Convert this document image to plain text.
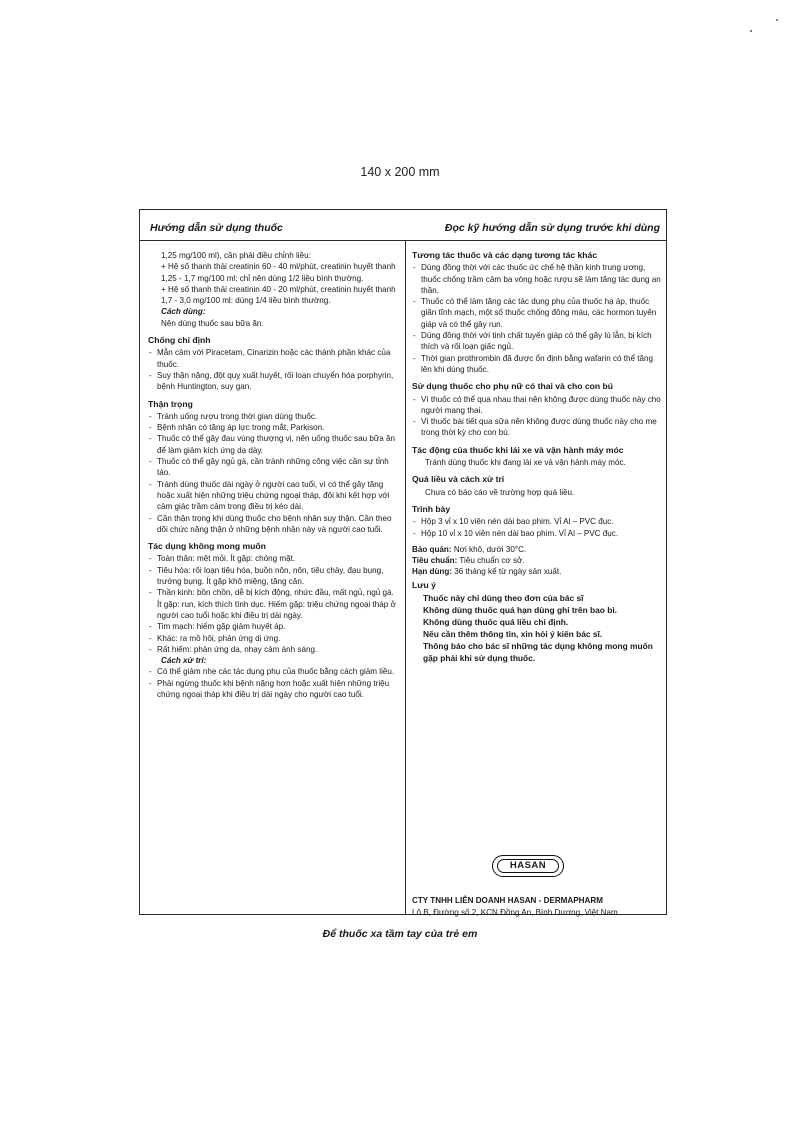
140 x 200 mm
Hướng dẫn sử dụng thuốc	Đọc kỹ hướng dẫn sử dụng trước khi dùng

1,25 mg/100 ml), cần phải điều chỉnh liều:

+ Hệ số thanh thải creatinin 60 - 40 ml/phút, creatinin huyết thanh 1,25 - 1,7 mg/100 ml: chỉ nên dùng 1/2 liều bình thường.

+ Hệ số thanh thải creatinin 40 - 20 ml/phút, creatinin huyết thanh 1,7 - 3,0 mg/100 ml: dùng 1/4 liều bình thường.

Cách dùng:

Nên dùng thuốc sau bữa ăn.

Chống chỉ định
- Mẫn cảm với Piracetam, Cinarizin hoặc các thành phần khác của thuốc.
- Suy thận nặng, đột quỵ xuất huyết, rối loạn chuyển hóa porphyrin, bệnh Huntington, suy gan.
Thận trọng
- Tránh uống rượu trong thời gian dùng thuốc.
- Bệnh nhân có tăng áp lực trong mắt, Parkison.
- Thuốc có thể gây đau vùng thượng vị, nên uống thuốc sau bữa ăn để làm giảm kích ứng dạ dày.
- Thuốc có thể gây ngủ gà, cần tránh những công việc cần sự tỉnh táo.
- Tránh dùng thuốc dài ngày ở người cao tuổi, vì có thể gây tăng hoặc xuất hiện những triệu chứng ngoại tháp, đôi khi kết hợp với cảm giác trầm cảm trong điều trị kéo dài.
- Cần thận trọng khi dùng thuốc cho bệnh nhân suy thận. Cần theo dõi chức năng thận ở những bệnh nhân này và người cao tuổi.
Tác dụng không mong muốn
- Toàn thân: mệt mỏi. Ít gặp: chóng mặt.
- Tiêu hóa: rối loạn tiêu hóa, buồn nôn, nôn, tiêu chảy, đau bụng, trướng bụng. Ít gặp khô miệng, tăng cân.
- Thần kinh: bồn chồn, dễ bị kích động, nhức đầu, mất ngủ, ngủ gà. Ít gặp: run, kích thích tình dục. Hiếm gặp: triệu chứng ngoại tháp ở người cao tuổi hoặc khi điều trị dài ngày.
- Tim mạch: hiếm gặp giảm huyết áp.
- Khác: ra mồ hôi, phản ứng dị ứng.
- Rất hiếm: phản ứng da, nhạy cảm ánh sáng.

Cách xử trí:

- Có thể giảm nhẹ các tác dụng phụ của thuốc bằng cách giảm liều.
- Phải ngừng thuốc khi bệnh nặng hơn hoặc xuất hiện những triệu chứng ngoại tháp khi điều trị dài ngày cho người cao tuổi.
Tương tác thuốc và các dạng tương tác khác
- Dùng đồng thời với các thuốc ức chế hệ thần kinh trung ương, thuốc chống trầm cảm ba vòng hoặc rượu sẽ làm tăng tác dụng an thần.
- Thuốc có thể làm tăng các tác dụng phụ của thuốc hạ áp, thuốc giãn tĩnh mạch, một số thuốc chống đông máu, các hormon tuyến giáp và có thể gây run.
- Dùng đồng thời với tinh chất tuyến giáp có thể gây lú lẫn, bị kích thích và rối loạn giấc ngủ.
- Thời gian prothrombin đã được ổn định bằng wafarin có thể tăng lên khi dùng thuốc.
Sử dụng thuốc cho phụ nữ có thai và cho con bú
- Vì thuốc có thể qua nhau thai nên không được dùng thuốc này cho người mang thai.
- Vì thuốc bài tiết qua sữa nên không được dùng thuốc này cho mẹ trong thời kỳ cho con bú.
Tác động của thuốc khi lái xe và vận hành máy móc

Tránh dùng thuốc khi đang lái xe và vận hành máy móc.

Quá liều và cách xử trí

Chưa có báo cáo về trường hợp quá liều.

Trình bày
- Hộp 3 vỉ x 10 viên nén dài bao phim. Vỉ Al – PVC đục.
- Hộp 10 vỉ x 10 viên nén dài bao phim. Vỉ Al – PVC đục.

Bảo quản: Nơi khô, dưới 30°C.

Tiêu chuẩn: Tiêu chuẩn cơ sở.

Hạn dùng: 36 tháng kể từ ngày sản xuất.

Lưu ý
Thuốc này chỉ dùng theo đơn của bác sĩ
Không dùng thuốc quá hạn dùng ghi trên bao bì.
Không dùng thuốc quá liều chỉ định.
Nếu cần thêm thông tin, xin hỏi ý kiến bác sĩ.
Thông báo cho bác sĩ những tác dụng không mong muốn gặp phải khi sử dụng thuốc.
HASAN
CTY TNHH LIÊN DOANH HASAN - DERMAPHARM
Lô B, Đường số 2, KCN Đồng An, Bình Dương, Việt Nam
Để thuốc xa tầm tay của trẻ em
